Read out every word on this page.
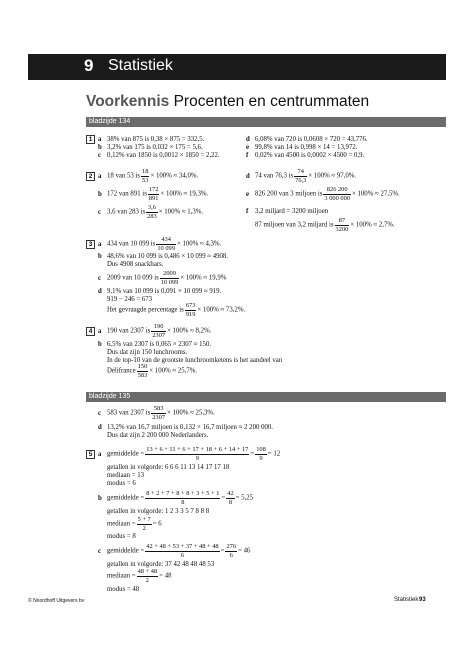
9 Statistiek
Voorkennis Procenten en centrummaten
bladzijde 134
1 a 38% van 875 is 0,38 × 875 = 332,5.
b 3,2% van 175 is 0,032 × 175 = 5,6.
c 0,12% van 1850 is 0,0012 × 1850 = 2,22.
d 6,08% van 720 is 0,0608 × 720 = 43,776.
e 99,8% van 14 is 0,998 × 14 = 13,972.
f 0,02% van 4500 is 0,0002 × 4500 = 0,9.
2 a 18 van 53 is $\frac{18}{53} \times 100\% \approx 34,0\%$.
b 172 van 891 is $\frac{172}{891} \times 100\% \approx 19,3\%$.
c 3,6 van 283 is $\frac{3,6}{283} \times 100\% \approx 1,3\%$.
d 74 van 76,3 is $\frac{74}{76,3} \times 100\% \approx 97,0\%$.
e 826 200 van 3 miljoen is $\frac{826 200}{3 000 000} \times 100\% \approx 27,5\%$.
f 3,2 miljard = 3200 miljoen
87 miljoen van 3,2 miljard is $\frac{87}{3200} \times 100\% \approx 2,7\%$.
3 a 434 van 10 099 is $\frac{434}{10 099} \times 100\% \approx 4,3\%$.
b 48,6% van 10 099 is 0,486 × 10 099 ≈ 4908.
Dus 4908 snackbars.
c 2009 van 10 099 is $\frac{2009}{10 099} \times 100\% \approx 19,9\%$
d 9,1% van 10 099 is 0,091 × 10 099 ≈ 919.
919 − 246 = 673
Het gevraagde percentage is $\frac{673}{919} \times 100\% \approx 73,2\%$.
4 a 190 van 2307 is $\frac{190}{2307} \times 100\% \approx 8,2\%$.
b 6,5% van 2307 is 0,065 × 2307 ≈ 150.
Dus dat zijn 150 lunchrooms.
In de top-10 van de grootste lunchroomketens is het aandeel van
Délifrance $\frac{150}{583} \times 100\% \approx 25,7\%$.
bladzijde 135
c 583 van 2307 is $\frac{583}{2307} \times 100\% \approx 25,3\%$.
d 13,2% van 16,7 miljoen is 0,132 × 16,7 miljoen ≈ 2 200 000.
Dus dat zijn 2 200 000 Nederlanders.
5 a gemiddelde = $\frac{13 + 6 + 11 + 6 + 17 + 18 + 6 + 14 + 17}{9} = \frac{108}{9} = 12$
getallen in volgorde: 6 6 6 11 13 14 17 17 18
mediaan = 13
modus = 6
b gemiddelde = $\frac{8 + 2 + 7 + 8 + 8 + 3 + 5 + 1}{8} = \frac{42}{8} = 5,25$
getallen in volgorde: 1 2 3 3 5 7 8 8 8
mediaan = $\frac{5 + 7}{2} = 6$
modus = 8
c gemiddelde = $\frac{42 + 48 + 53 + 37 + 48 + 48}{6} = \frac{276}{6} = 46$
getallen in volgorde: 37 42 48 48 48 53
mediaan = $\frac{48 + 48}{2} = 48$
modus = 48
© Noordhoff Uitgevers bv	Statistiek 93
